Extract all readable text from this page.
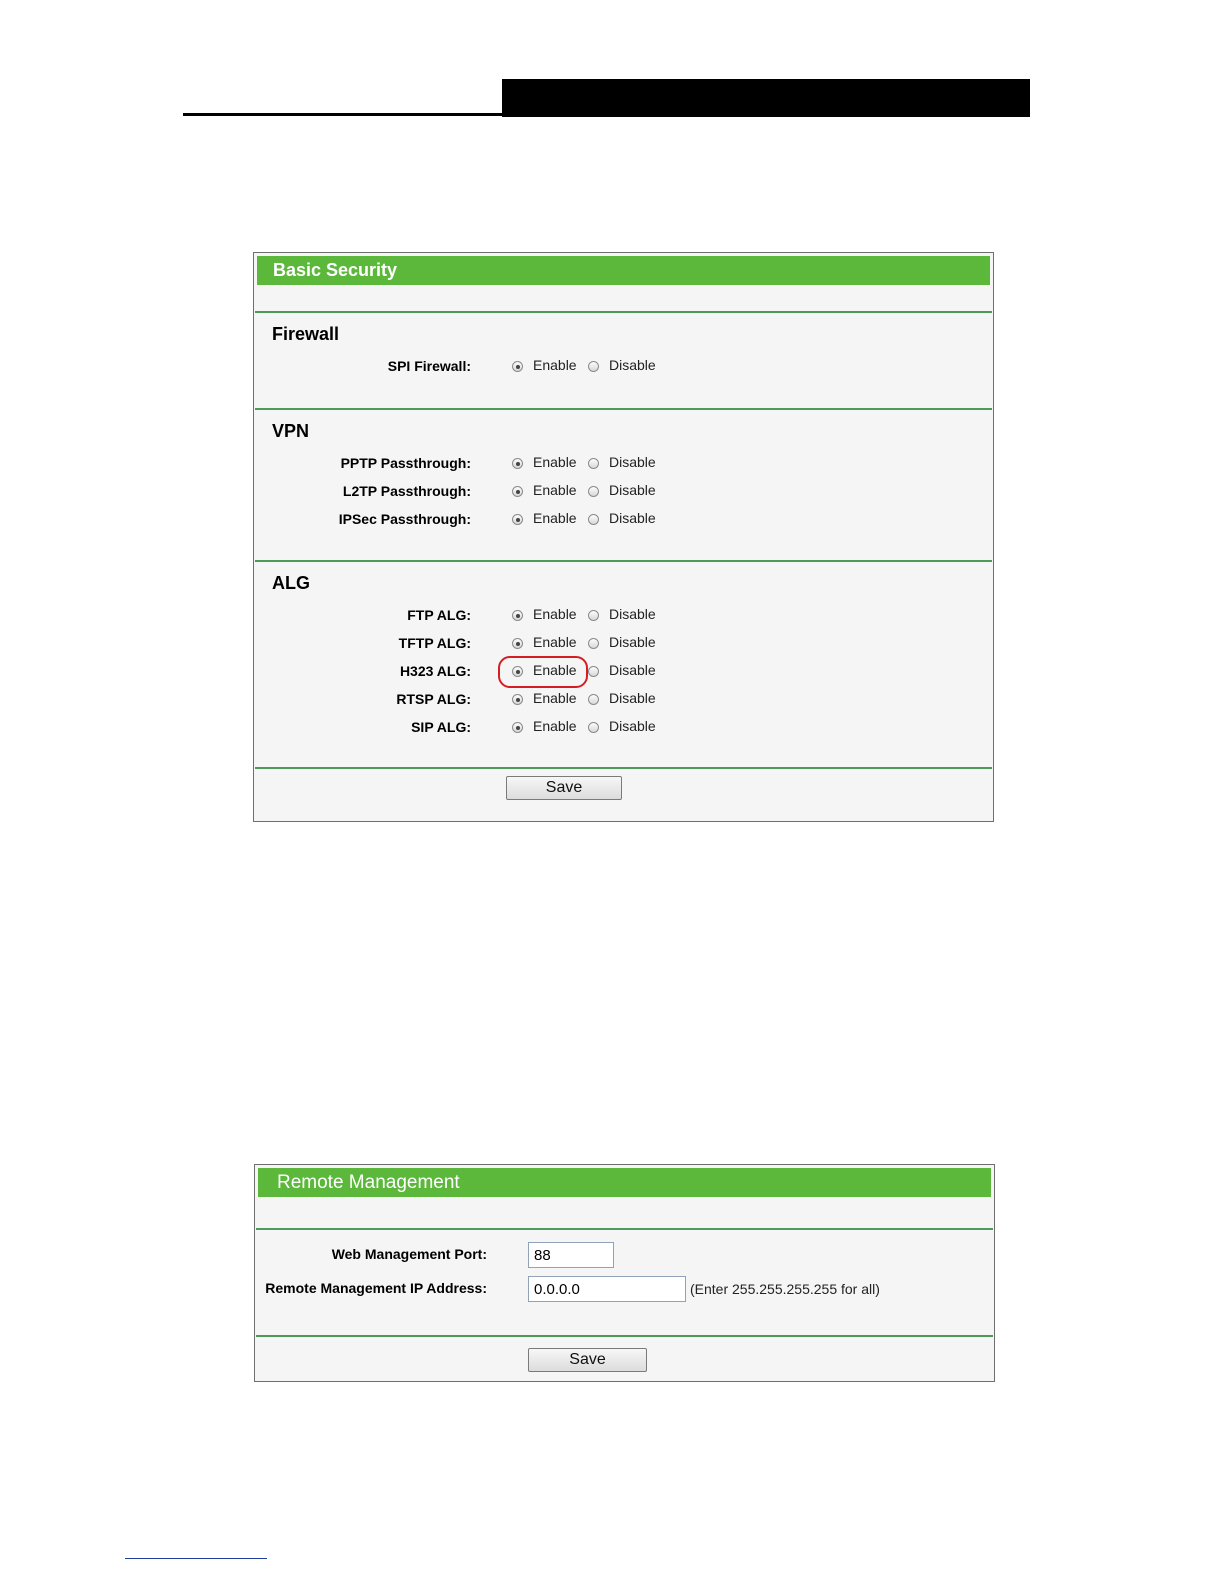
Basic Security
Firewall
SPI Firewall:	Enable Disable
VPN
PPTP Passthrough:	Enable Disable
L2TP Passthrough:	Enable Disable
IPSec Passthrough:	Enable Disable
ALG
FTP ALG:	Enable Disable
TFTP ALG:	Enable Disable
H323 ALG:	Enable Disable
RTSP ALG:	Enable Disable
SIP ALG:	Enable Disable
Save
Remote Management
Web Management Port:
88
Remote Management IP Address:
0.0.0.0	(Enter 255.255.255.255 for all)
Save
